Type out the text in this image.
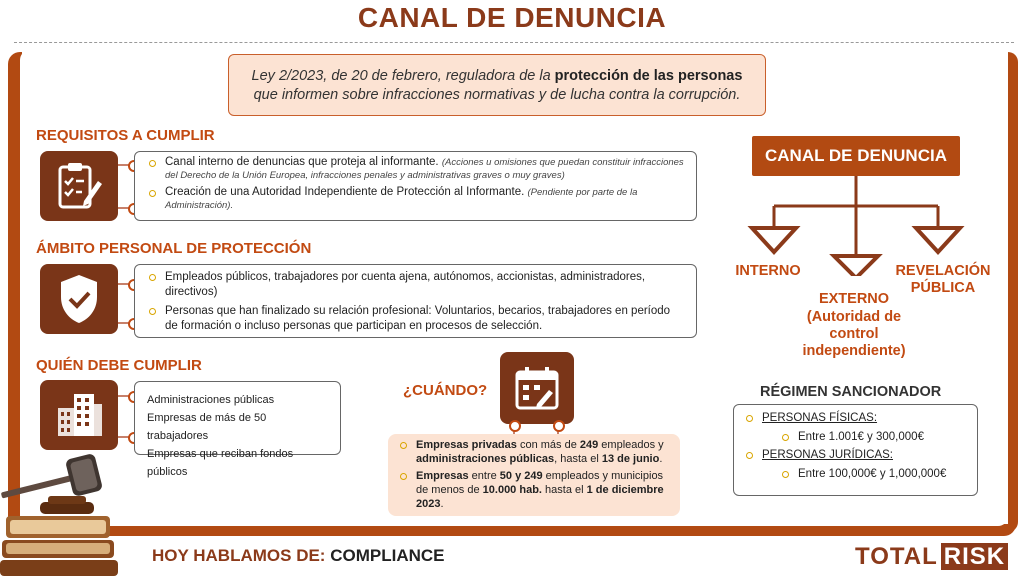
CANAL DE DENUNCIA
Ley 2/2023, de 20 de febrero, reguladora de la protección de las personas
que informen sobre infracciones normativas y de lucha contra la corrupción.
REQUISITOS A CUMPLIR
Canal interno de denuncias que proteja al informante. (Acciones u omisiones que puedan constituir infracciones del Derecho de la Unión Europea, infracciones penales y administrativas graves o muy graves)
Creación de una Autoridad Independiente de Protección al Informante. (Pendiente por parte de la Administración).
ÁMBITO PERSONAL DE PROTECCIÓN
Empleados públicos, trabajadores por cuenta ajena, autónomos, accionistas, administradores, directivos)
Personas que han finalizado su relación profesional: Voluntarios, becarios, trabajadores en período de formación o incluso personas que participan en procesos de selección.
QUIÉN DEBE CUMPLIR
Administraciones públicas
Empresas de más de 50 trabajadores
Empresas que reciban fondos públicos
¿CUÁNDO?
Empresas privadas con más de 249 empleados y administraciones públicas, hasta el 13 de junio.
Empresas entre 50 y 249 empleados y municipios de menos de 10.000 hab. hasta el 1 de diciembre 2023.
CANAL DE DENUNCIA
INTERNO
EXTERNO
(Autoridad de control independiente)
REVELACIÓN PÚBLICA
RÉGIMEN SANCIONADOR
PERSONAS FÍSICAS:
Entre 1.001€ y 300,000€
PERSONAS JURÍDICAS:
Entre 100,000€ y 1,000,000€
HOY HABLAMOS DE: COMPLIANCE	TOTAL RISK
